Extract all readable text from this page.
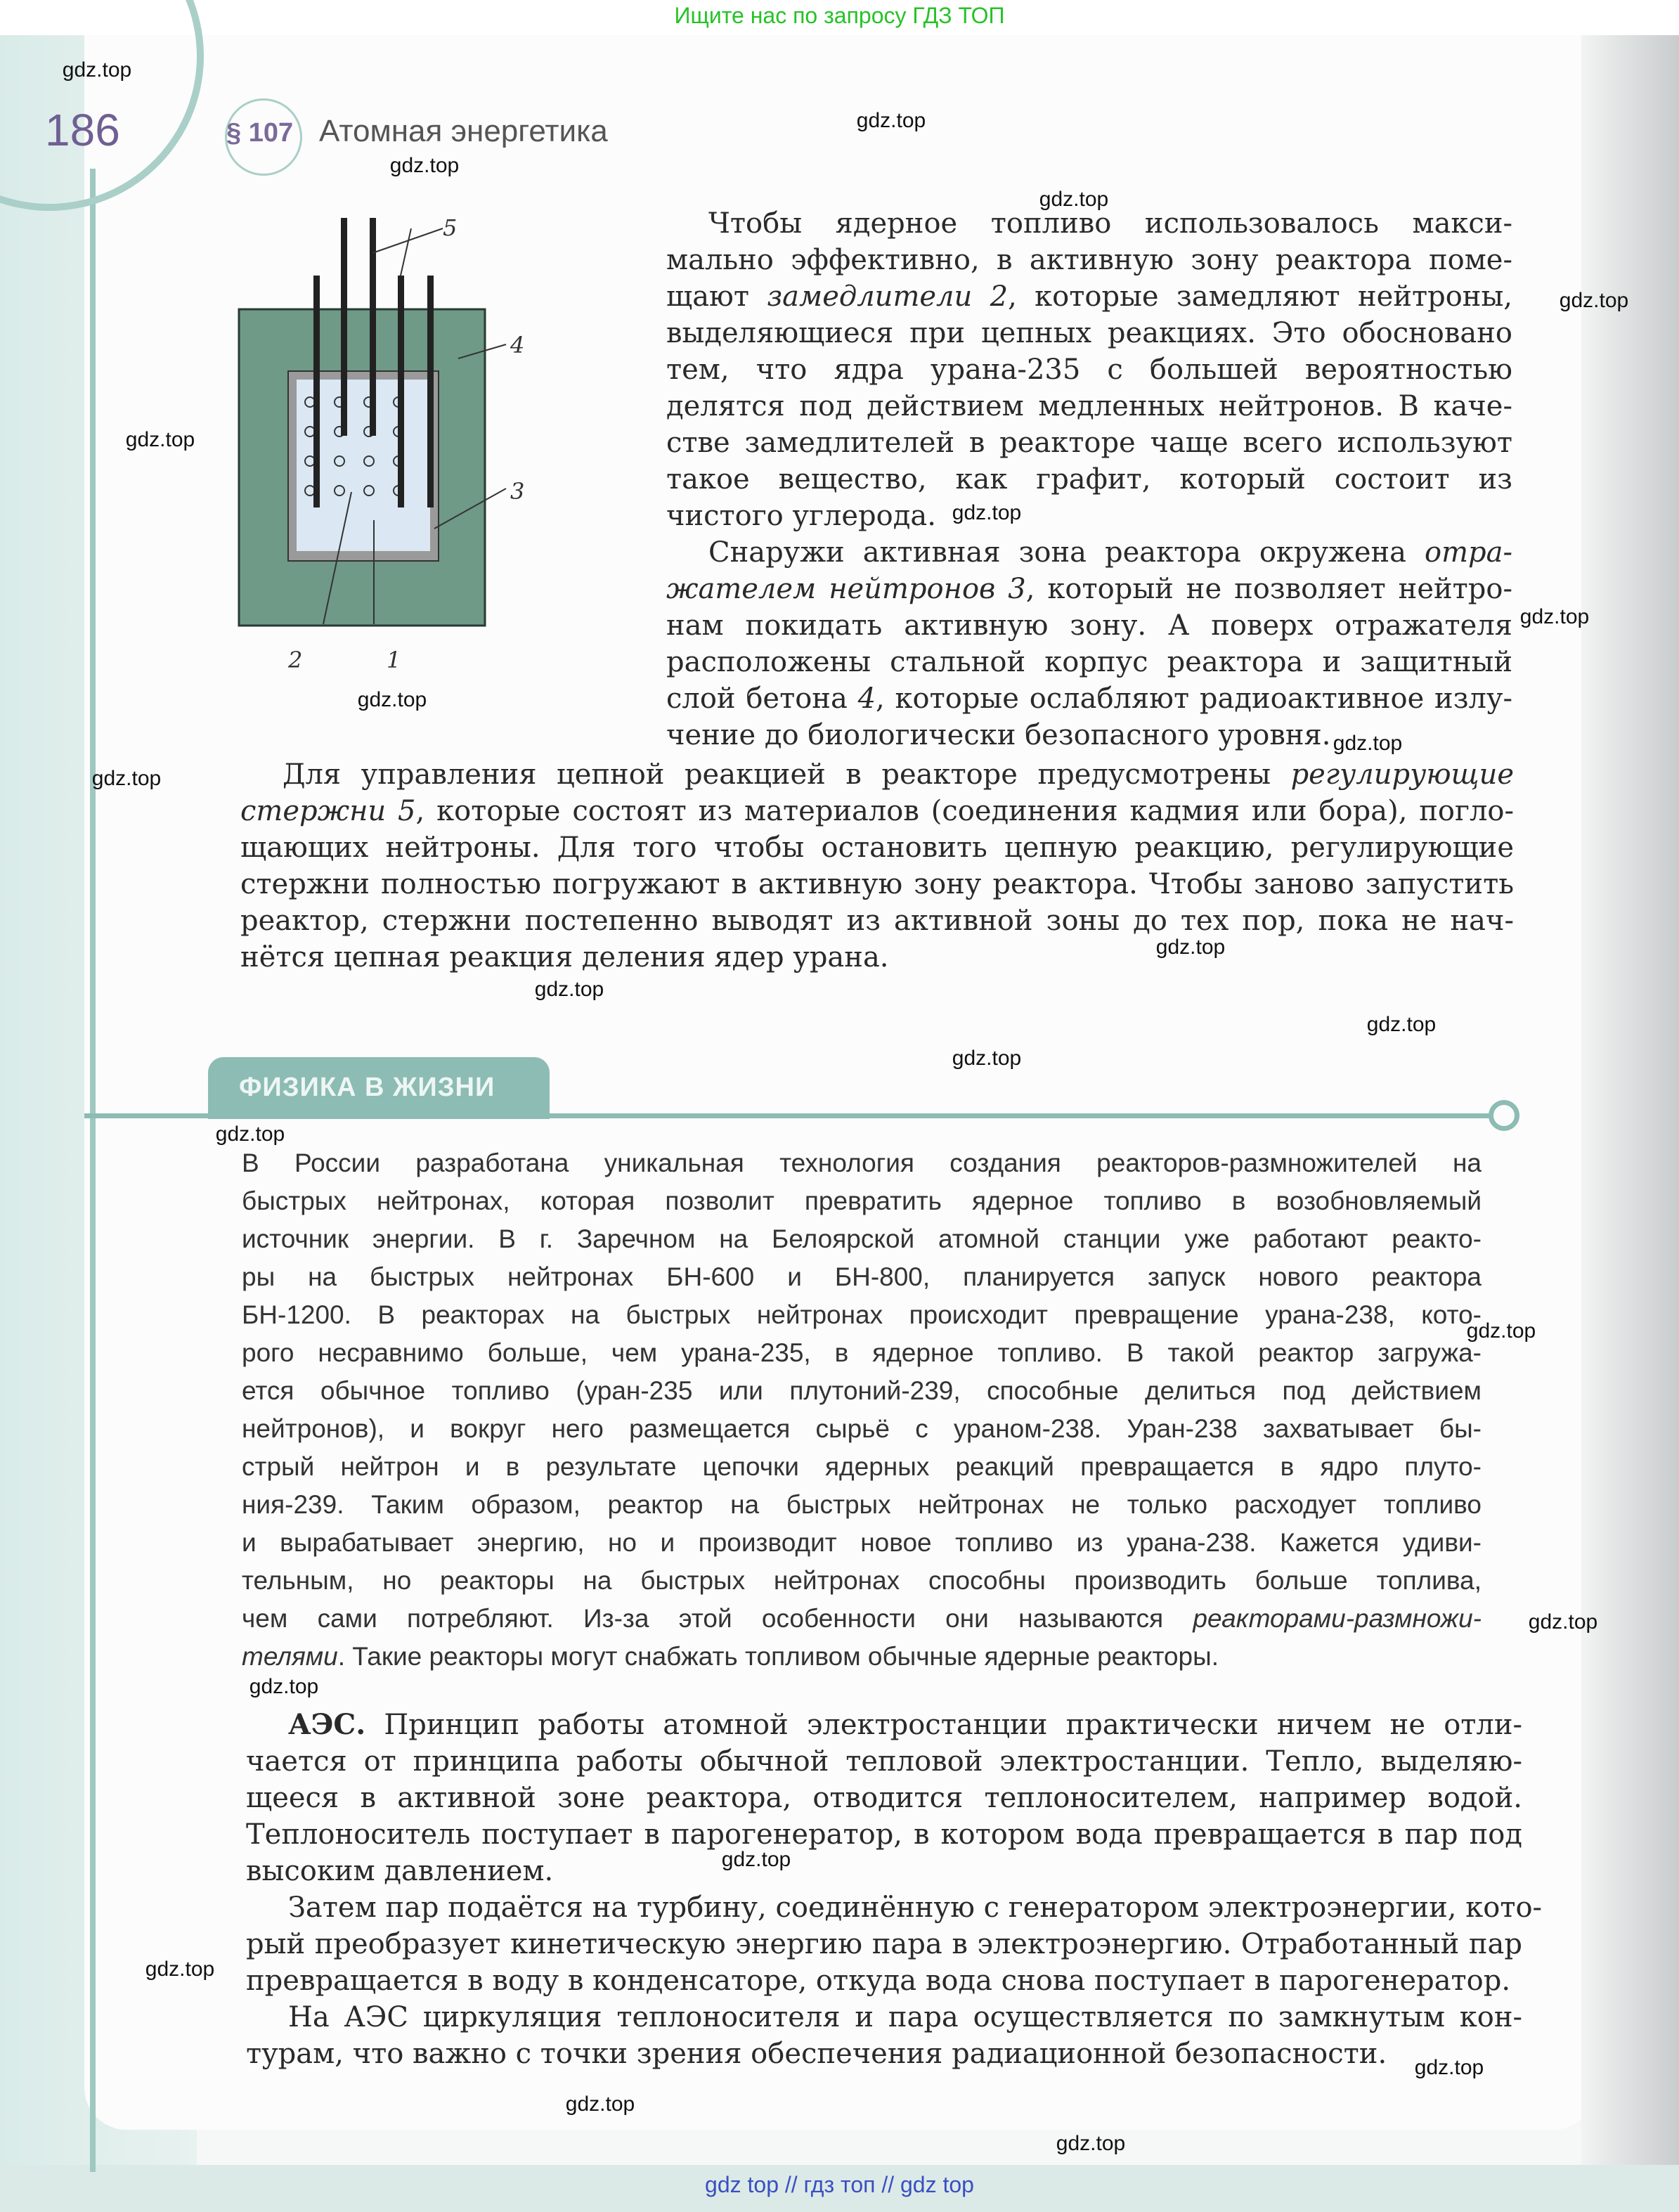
Ищите нас по запросу ГДЗ ТОП
186	§ 107 Атомная энергетика
5
4
3
2	1
Чтобы ядерное топливо использовалось макси-
мально эффективно, в активную зону реактора поме-
щают замедлители 2, которые замедляют нейтроны,
выделяющиеся при цепных реакциях. Это обосновано
тем, что ядра урана-235 с большей вероятностью
делятся под действием медленных нейтронов. В каче-
стве замедлителей в реакторе чаще всего используют
такое вещество, как графит, который состоит из
чистого углерода.
Снаружи активная зона реактора окружена отра-
жателем нейтронов 3, который не позволяет нейтро-
нам покидать активную зону. А поверх отражателя
расположены стальной корпус реактора и защитный
слой бетона 4, которые ослабляют радиоактивное излу-
чение до биологически безопасного уровня.
Для управления цепной реакцией в реакторе предусмотрены регулирующие
стержни 5, которые состоят из материалов (соединения кадмия или бора), погло-
щающих нейтроны. Для того чтобы остановить цепную реакцию, регулирующие
стержни полностью погружают в активную зону реактора. Чтобы заново запустить
реактор, стержни постепенно выводят из активной зоны до тех пор, пока не нач-
нётся цепная реакция деления ядер урана.
ФИЗИКА В ЖИЗНИ
В России разработана уникальная технология создания реакторов-размножителей на
быстрых нейтронах, которая позволит превратить ядерное топливо в возобновляемый
источник энергии. В г. Заречном на Белоярской атомной станции уже работают реакто-
ры на быстрых нейтронах БН-600 и БН-800, планируется запуск нового реактора
БН-1200. В реакторах на быстрых нейтронах происходит превращение урана-238, кото-
рого несравнимо больше, чем урана-235, в ядерное топливо. В такой реактор загружа-
ется обычное топливо (уран-235 или плутоний-239, способные делиться под действием
нейтронов), и вокруг него размещается сырьё с ураном-238. Уран-238 захватывает бы-
стрый нейтрон и в результате цепочки ядерных реакций превращается в ядро плуто-
ния-239. Таким образом, реактор на быстрых нейтронах не только расходует топливо
и вырабатывает энергию, но и производит новое топливо из урана-238. Кажется удиви-
тельным, но реакторы на быстрых нейтронах способны производить больше топлива,
чем сами потребляют. Из-за этой особенности они называются реакторами-размножи-
телями. Такие реакторы могут снабжать топливом обычные ядерные реакторы.
АЭС. Принцип работы атомной электростанции практически ничем не отли-
чается от принципа работы обычной тепловой электростанции. Тепло, выделяю-
щееся в активной зоне реактора, отводится теплоносителем, например водой.
Теплоноситель поступает в парогенератор, в котором вода превращается в пар под
высоким давлением.
Затем пар подаётся на турбину, соединённую с генератором электроэнергии, кото-
рый преобразует кинетическую энергию пара в электроэнергию. Отработанный пар
превращается в воду в конденсаторе, откуда вода снова поступает в парогенератор.
На АЭС циркуляция теплоносителя и пара осуществляется по замкнутым кон-
турам, что важно с точки зрения обеспечения радиационной безопасности.
gdz.top
gdz.top
gdz.top
gdz.top
gdz.top
gdz.top
gdz.top
gdz.top
gdz.top
gdz.top
gdz.top
gdz.top
gdz.top
gdz.top
gdz.top
gdz.top
gdz.top
gdz.top
gdz.top
gdz.top
gdz.top
gdz.top
gdz.top
gdz.top
gdz top // гдз топ // gdz top
